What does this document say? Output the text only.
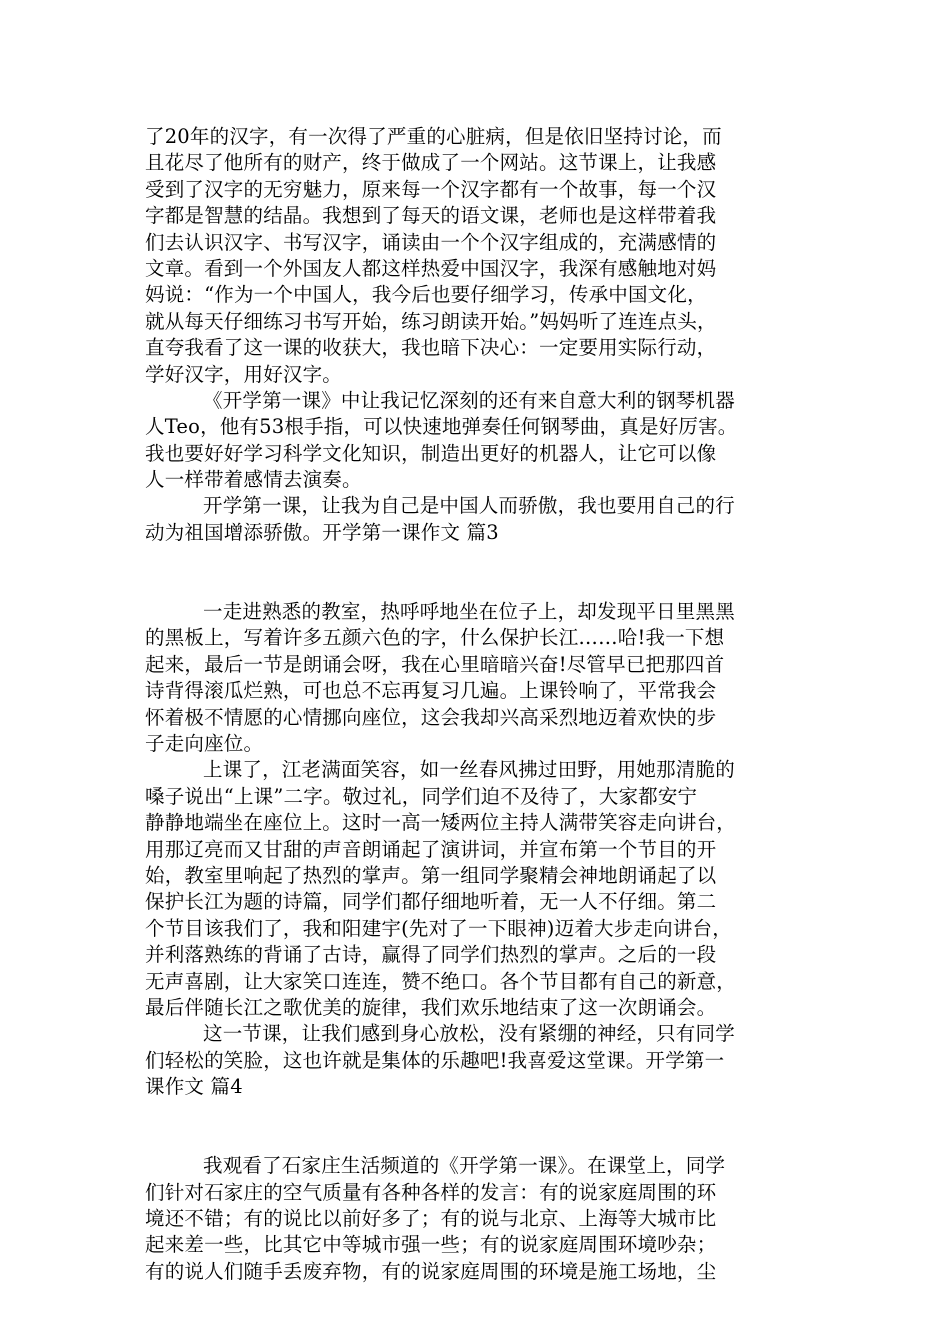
了20年的汉字，有一次得了严重的心脏病，但是依旧坚持讨论，而
且花尽了他所有的财产，终于做成了一个网站。这节课上，让我感
受到了汉字的无穷魅力，原来每一个汉字都有一个故事，每一个汉
字都是智慧的结晶。我想到了每天的语文课，老师也是这样带着我
们去认识汉字、书写汉字，诵读由一个个汉字组成的，充满感情的
文章。看到一个外国友人都这样热爱中国汉字，我深有感触地对妈
妈说：“作为一个中国人，我今后也要仔细学习，传承中国文化，
就从每天仔细练习书写开始，练习朗读开始。”妈妈听了连连点头，
直夸我看了这一课的收获大，我也暗下决心：一定要用实际行动，
学好汉字，用好汉字。
《开学第一课》中让我记忆深刻的还有来自意大利的钢琴机器
人Teo，他有53根手指，可以快速地弹奏任何钢琴曲，真是好厉害。
我也要好好学习科学文化知识，制造出更好的机器人，让它可以像
人一样带着感情去演奏。
开学第一课，让我为自己是中国人而骄傲，我也要用自己的行
动为祖国增添骄傲。开学第一课作文 篇3
一走进熟悉的教室，热呼呼地坐在位子上，却发现平日里黑黑
的黑板上，写着许多五颜六色的字，什么保护长江……哈!我一下想
起来，最后一节是朗诵会呀，我在心里暗暗兴奋!尽管早已把那四首
诗背得滚瓜烂熟，可也总不忘再复习几遍。上课铃响了，平常我会
怀着极不情愿的心情挪向座位，这会我却兴高采烈地迈着欢快的步
子走向座位。
上课了，江老满面笑容，如一丝春风拂过田野，用她那清脆的
嗓子说出“上课”二字。敬过礼，同学们迫不及待了，大家都安宁
静静地端坐在座位上。这时一高一矮两位主持人满带笑容走向讲台，
用那辽亮而又甘甜的声音朗诵起了演讲词，并宣布第一个节目的开
始，教室里响起了热烈的掌声。第一组同学聚精会神地朗诵起了以
保护长江为题的诗篇，同学们都仔细地听着，无一人不仔细。第二
个节目该我们了，我和阳建宇(先对了一下眼神)迈着大步走向讲台，
并利落熟练的背诵了古诗，赢得了同学们热烈的掌声。之后的一段
无声喜剧，让大家笑口连连，赞不绝口。各个节目都有自己的新意，
最后伴随长江之歌优美的旋律，我们欢乐地结束了这一次朗诵会。
这一节课，让我们感到身心放松，没有紧绷的神经，只有同学
们轻松的笑脸，这也许就是集体的乐趣吧!我喜爱这堂课。开学第一
课作文 篇4
我观看了石家庄生活频道的《开学第一课》。在课堂上，同学
们针对石家庄的空气质量有各种各样的发言：有的说家庭周围的环
境还不错；有的说比以前好多了；有的说与北京、上海等大城市比
起来差一些，比其它中等城市强一些；有的说家庭周围环境吵杂；
有的说人们随手丢废弃物，有的说家庭周围的环境是施工场地，尘
